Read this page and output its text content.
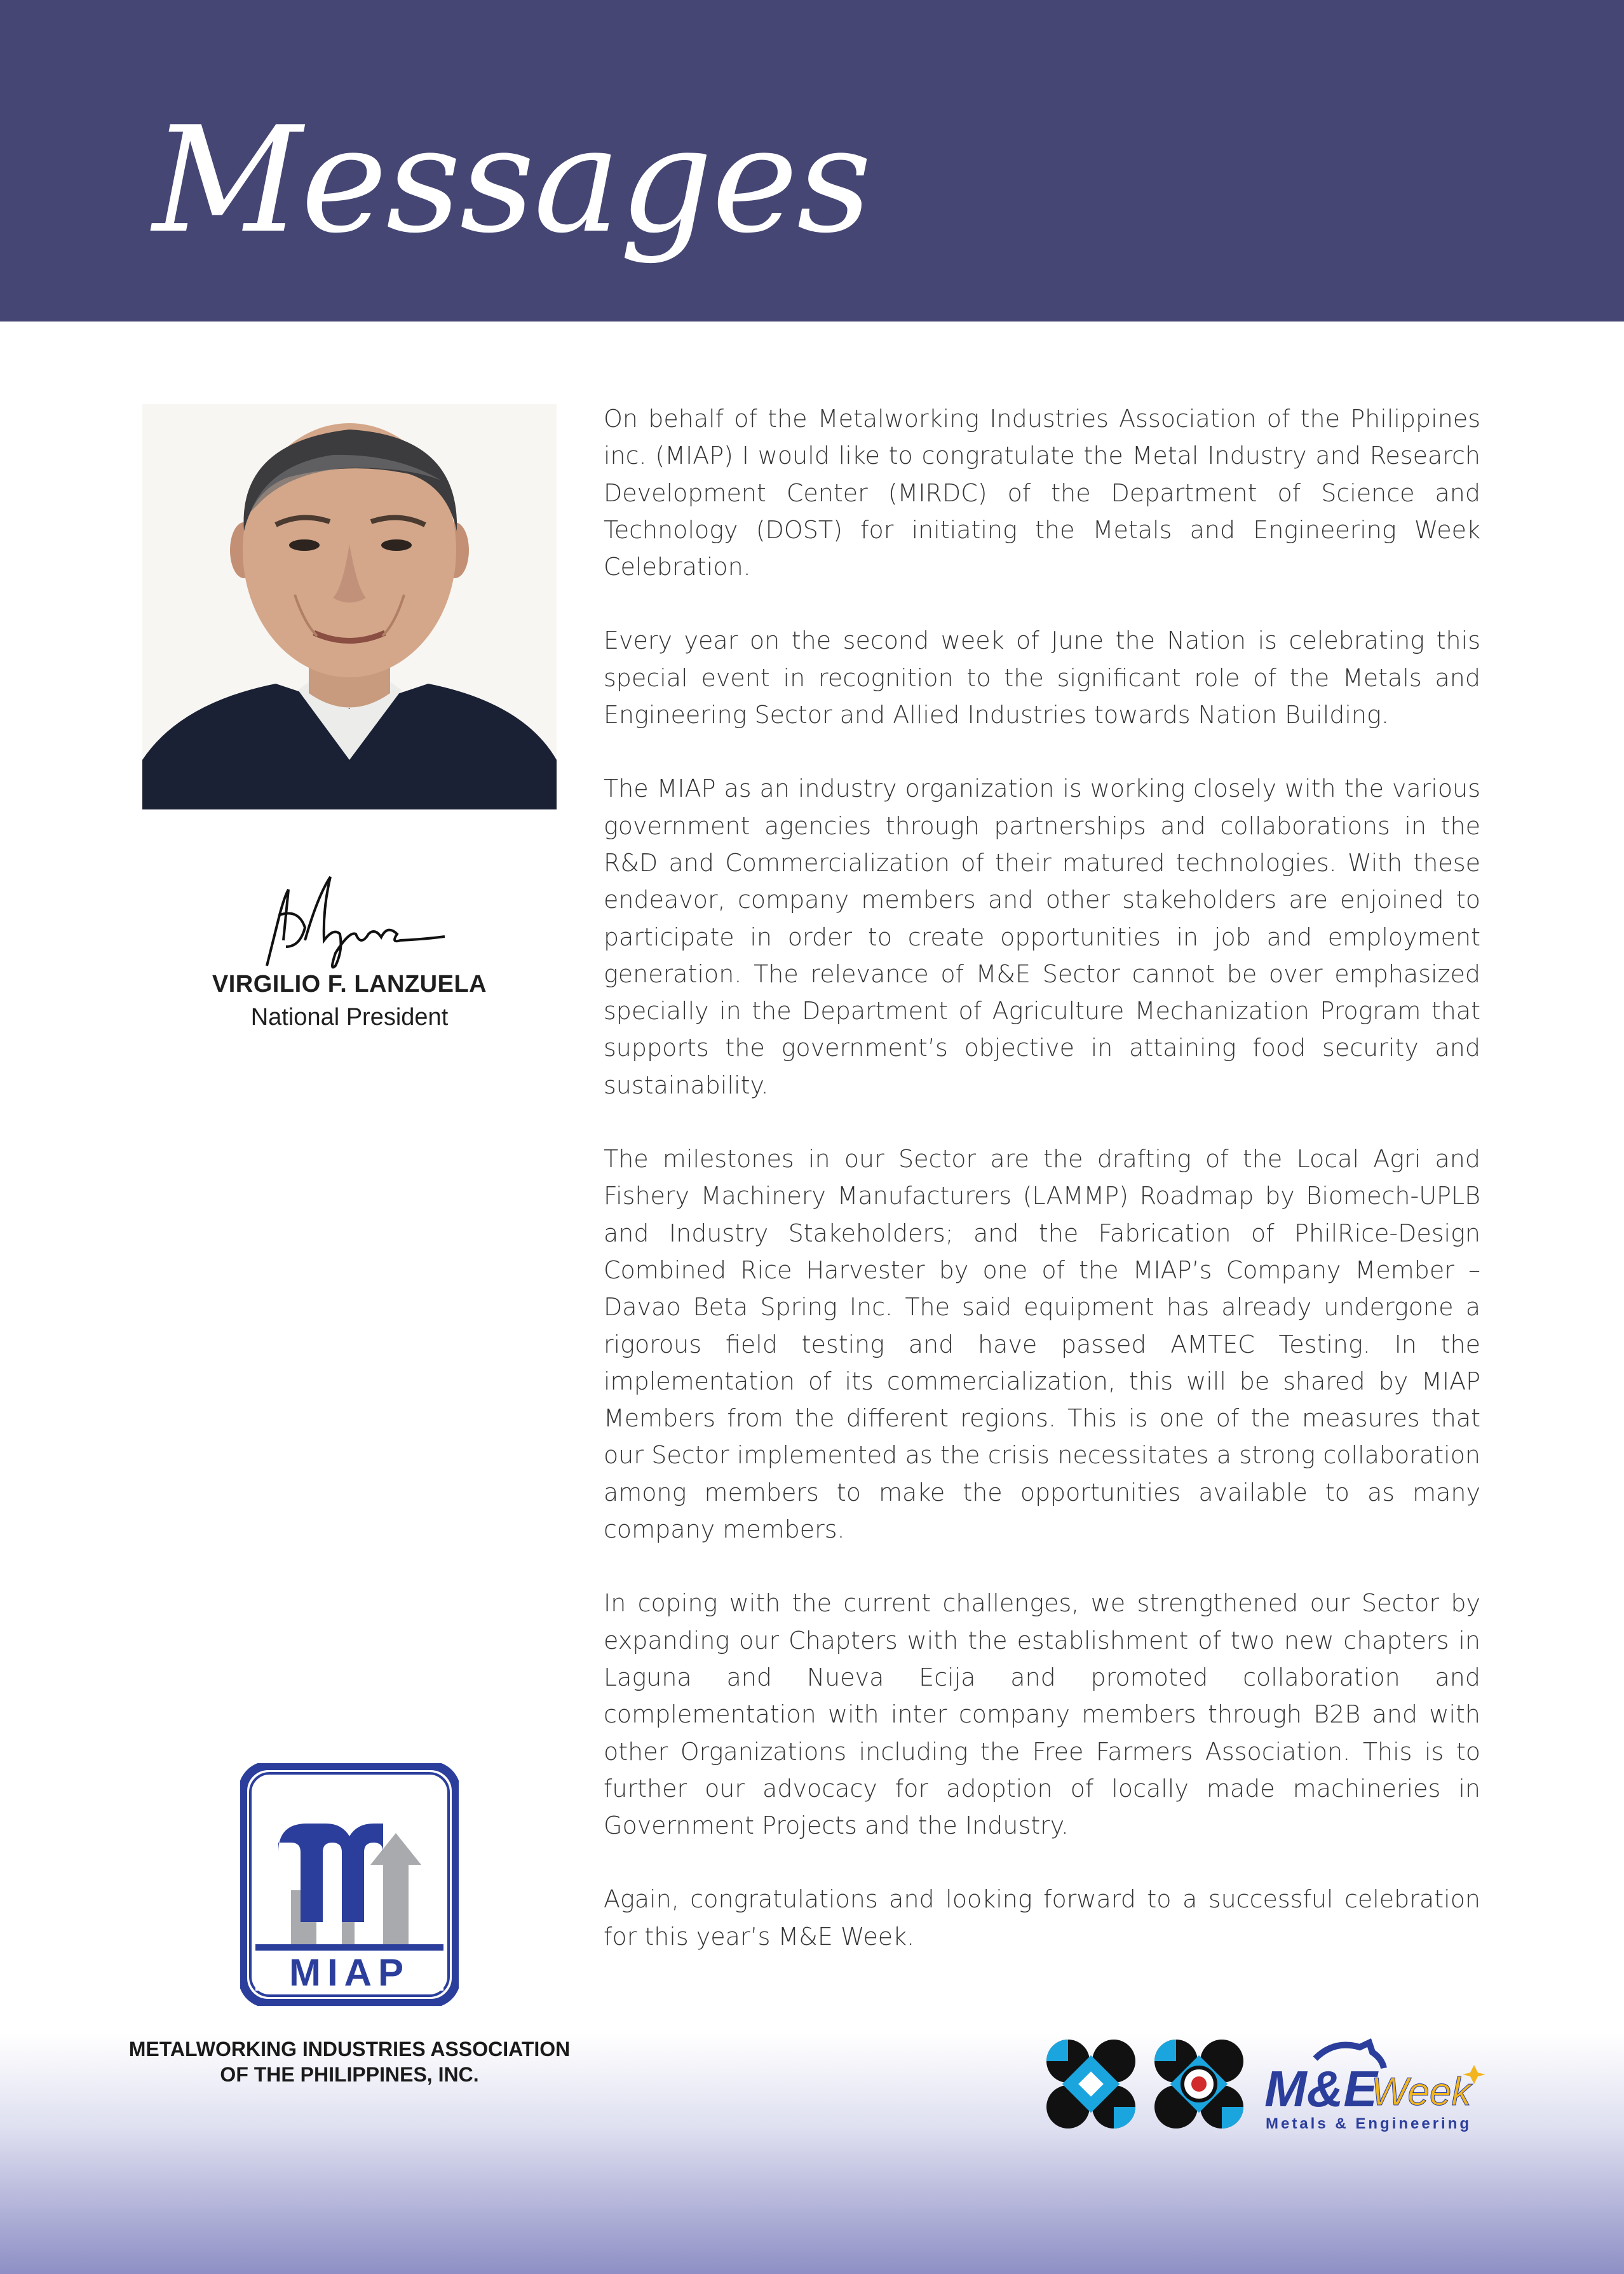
Messages
VIRGILIO F. LANZUELA
National President

On behalf of the Metalworking Industries Association of the Philippines inc. (MIAP) I would like to congratulate the Metal Industry and Research Development Center (MIRDC) of the Department of Science and Technology (DOST) for initiating the Metals and Engineering Week Celebration.

Every year on the second week of June the Nation is celebrating this special event in recognition to the significant role of the Metals and Engineering Sector and Allied Industries towards Nation Building.

The MIAP as an industry organization is working closely with the various government agencies through partnerships and collaborations in the R&D and Commercialization of their matured technologies. With these endeavor, company members and other stakeholders are enjoined to participate in order to create opportunities in job and employment generation. The relevance of M&E Sector cannot be over emphasized specially in the Department of Agriculture Mechanization Program that supports the government’s objective in attaining food security and sustainability.

The milestones in our Sector are the drafting of the Local Agri and Fishery Machinery Manufacturers (LAMMP) Roadmap by Biomech-UPLB and Industry Stakeholders; and the Fabrication of PhilRice-Design Combined Rice Harvester by one of the MIAP’s Company Member – Davao Beta Spring Inc. The said equipment has already undergone a rigorous field testing and have passed AMTEC Testing. In the implementation of its commercialization, this will be shared by MIAP Members from the different regions. This is one of the measures that our Sector implemented as the crisis necessitates a strong collaboration among members to make the opportunities available to as many company members.

In coping with the current challenges, we strengthened our Sector by expanding our Chapters with the establishment of two new chapters in Laguna and Nueva Ecija and promoted collaboration and complementation with inter company members through B2B and with other Organizations including the Free Farmers Association. This is to further our advocacy for adoption of locally made machineries in Government Projects and the Industry.

Again, congratulations and looking forward to a successful celebration for this year’s M&E Week.

MIAP
METALWORKING INDUSTRIES ASSOCIATION
OF THE PHILIPPINES, INC.	M&E
Week
Metals & Engineering
